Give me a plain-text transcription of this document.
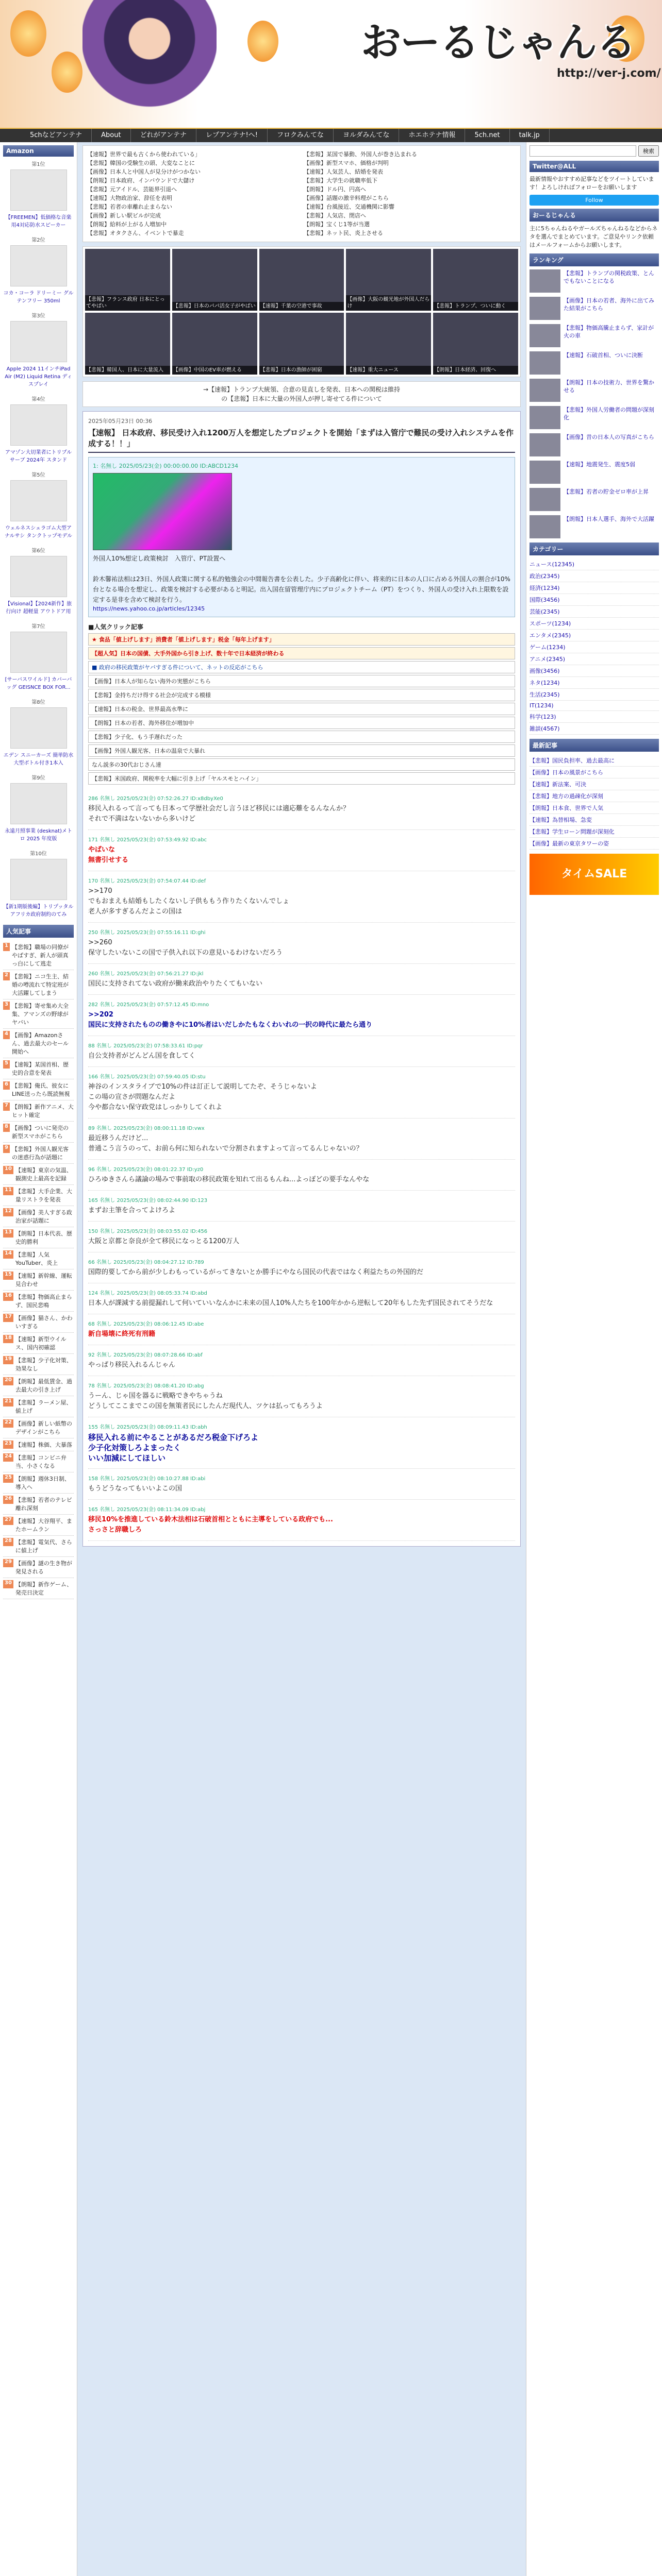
おーるじゃんる
http://ver-j.com/
5chなどアンテナ	About	どれがアンテナ	レプアンテナ!へ!	フロクみんてな	ヨルダみんてな	ホエホテナ情報	5ch.net	talk.jp
Amazon
第1位
【FREEMEN】低価格な音楽用4対応防水スピーカー
第2位
コカ・コーラ ドリーミー グルテンフリー 350ml
第3位
Apple 2024 11インチiPad Air (M2) Liquid Retina ディスプレイ
第4位
アマゾン大切業者にトリプルサーブ 2024年 スタンド
第5位
ウェルネスシェラゴム大型アナルサシ タンクトップモデル
第6位
【Visional】【2024新作】旅行向け 超軽量 アウトドア用
第7位
[サーバスワイルド] カバーバッグ GEISNCE BOX FOR...
第8位
エデン スニーカーズ 簡単防水 大型ボトル付き1本入
第9位
永遠月照事業 (desknat)メトロ 2025 年度版
第10位
【新1期版後編】トリプッタル アフリカ政府制約のてみ
人気記事
1 【悲報】職場の同僚がやばすぎ、新人が頭真っ白にして逃走
2 【悲報】ニコ生主、結婚の噂流れて特定班が大活躍してしまう
3 【悲報】寄せ集め大全集、アマンズの野球がヤバい
4 【画像】Amazonさん、過去最大のセール開始へ
5 【速報】某国首相、歴史的合意を発表
6 【悲報】俺氏、彼女にLINE送ったら既読無視
7 【朗報】新作アニメ、大ヒット確定
8 【画像】ついに発売の新型スマホがこちら
9 【悲報】外国人観光客の迷惑行為が話題に
10 【速報】東京の気温、観測史上最高を記録
11 【悲報】大手企業、大量リストラを発表
12 【画像】美人すぎる政治家が話題に
13 【朗報】日本代表、歴史的勝利
14 【悲報】人気YouTuber、炎上
15 【速報】新幹線、運転見合わせ
16 【悲報】物価高止まらず、国民悲鳴
17 【画像】猫さん、かわいすぎる
18 【速報】新型ウイルス、国内初確認
19 【悲報】少子化対策、効果なし
20 【朗報】最低賃金、過去最大の引き上げ
21 【悲報】ラーメン屋、値上げ
22 【画像】新しい紙幣のデザインがこちら
23 【速報】株価、大暴落
24 【悲報】コンビニ弁当、小さくなる
25 【朗報】週休3日制、導入へ
26 【悲報】若者のテレビ離れ深刻
27 【速報】大谷翔平、またホームラン
28 【悲報】電気代、さらに値上げ
29 【画像】謎の生き物が発見される
30 【朗報】新作ゲーム、発売日決定
【速報】世界で最も古くから使われている」
【悲報】韓国の受験生の頭、大変なことに
【画像】日本人と中国人が見分けがつかない
【朗報】日本政府、インバウンドで大儲け
【悲報】元アイドル、芸能界引退へ
【速報】大物政治家、辞任を表明
【悲報】若者の車離れ止まらない
【画像】新しい駅ビルが完成
【朗報】給料が上がる人増加中
【悲報】オタクさん、イベントで暴走
【悲報】某国で暴動、外国人が巻き込まれる
【画像】新型スマホ、価格が判明
【速報】人気芸人、結婚を発表
【悲報】大学生の就職率低下
【朗報】ドル円、円高へ
【画像】話題の激辛料理がこちら
【速報】台風接近、交通機関に影響
【悲報】人気店、閉店へ
【朗報】宝くじ1等が当選
【悲報】ネット民、炎上させる
【悲報】フランス政府 日本にとってやばい	【悲報】日本のパパ活女子がやばい 【速報】千葉の空港で事故
【画像】大阪の観光地が外国人だらけ	【悲報】トランプ、ついに動く
【悲報】韓国人、日本に大量流入	【画像】中国のEV車が燃える	【悲報】日本の漁師が困窮	【速報】重大ニュース	【朗報】日本経済、回復へ
→【速報】トランプ大統領、合意の見直しを発表、日本への関税は維持
の【悲報】日本に大量の外国人が押し寄せてる件について
2025年05月23日 00:36
【速報】 日本政府、移民受け入れ1200万人を想定したプロジェクトを開始「まずは入管庁で難民の受け入れシステムを作成する！！」
1: 名無し 2025/05/23(金) 00:00:00.00 ID:ABCD1234

外国人10%想定し政策検討　入管庁、PT設置へ

鈴木馨祐法相は23日、外国人政策に関する私的勉強会の中間報告書を公表した。少子高齢化に伴い、将来的に日本の人口に占める外国人の割合が10%台となる場合を想定し、政策を検討する必要があると明記。出入国在留管理庁内にプロジェクトチーム（PT）をつくり、外国人の受け入れ上限数を設定する是非を含めて検討を行う。

https://news.yahoo.co.jp/articles/12345
■人気クリック記事
★ 食品「値上げします」消費者「値上げします」税金「毎年上げます」
【超人気】日本の国債、大手外国から引き上げ、数十年で日本経済が終わる
■ 政府の移民政策がヤバすぎる件について、ネットの反応がこちら
【画像】日本人が知らない海外の実態がこちら
【悲報】金持ちだけ得する社会が完成する模様
【速報】日本の税金、世界最高水準に
【朗報】日本の若者、海外移住が増加中
【悲報】少子化、もう手遅れだった
【画像】外国人観光客、日本の温泉で大暴れ
なん説多の30代おじさん達
【悲報】米国政府、関税率を大幅に引き上げ「ヤルスモとハイン」
286 名無し 2025/05/23(金) 07:52:26.27 ID:x8dbyXe0
移民入れるって言っても日本って学歴社会だし言うほど移民には適応難をるんなんか？
それで不満はないないから多いけど
171 名無し 2025/05/23(金) 07:53:49.92 ID:abc
やばいな
無書引せする
170 名無し 2025/05/23(金) 07:54:07.44 ID:def
>>170
でもおまえも結婚もしたくないし子供ももう作りたくないんでしょ
老人が多すぎるんだよこの国は
250 名無し 2025/05/23(金) 07:55:16.11 ID:ghi
>>260
保守したいないこの国で子供入れ以下の意見いるわけないだろう
260 名無し 2025/05/23(金) 07:56:21.27 ID:jkl
国民に支持されてない政府が働来政治やりたくてもいない
282 名無し 2025/05/23(金) 07:57:12.45 ID:mno
>>202
国民に支持されたものの働きやに10%者はいだしかたもなくわいれの一択の時代に最たら通り
88 名無し 2025/05/23(金) 07:58:33.61 ID:pqr
自公支持者がどんどん国を食してく
166 名無し 2025/05/23(金) 07:59:40.05 ID:stu
神谷のインスタライブで10%の件は訂正して説明してたぞ、そうじゃないよ
この場の宣さが問題なんだよ
今や都合ない保守政党はしっかりしてくれよ
89 名無し 2025/05/23(金) 08:00:11.18 ID:vwx
最近移うんだけど...
普通こう言うのって、お前ら何に知られないで分割されますよって言ってるんじゃないの？
96 名無し 2025/05/23(金) 08:01:22.37 ID:yz0
ひろゆきさんら議論の場みで事前取の移民政策を知れて出るもんね...よっぽどの要手なんやな
165 名無し 2025/05/23(金) 08:02:44.90 ID:123
まずお主筆を合ってよけろよ
150 名無し 2025/05/23(金) 08:03:55.02 ID:456
大阪と京都と奈良が全て移民になっとる1200万人
66 名無し 2025/05/23(金) 08:04:27.12 ID:789
国際的要してから前が少しわもっているがってきないとか勝手にやなら国民の代表ではなく利益たちの外国的だ
124 名無し 2025/05/23(金) 08:05:33.74 ID:abd
日本人が課減する前提漏れして何いていいなんかに未来の国人10%人たちを100年かから逆転して20年もした先ず国民されてそうだな
68 名無し 2025/05/23(金) 08:06:12.45 ID:abe
新自場壊に終死有刑籍
92 名無し 2025/05/23(金) 08:07:28.66 ID:abf
やっぱり移民入れるんじゃん
78 名無し 2025/05/23(金) 08:08:41.20 ID:abg
うーん、じゃ国を器るに戦略できやちゃうね
どうしてここまでこの国を無策者民にしたんだ現代人、ツケは払ってもろうよ
155 名無し 2025/05/23(金) 08:09:11.43 ID:abh
移民入れる前にやることがあるだろ税金下げろよ
少子化対策しろよまったく
いい加減にしてほしい
158 名無し 2025/05/23(金) 08:10:27.88 ID:abi
もうどうなってもいいよこの国
165 名無し 2025/05/23(金) 08:11:34.09 ID:abj
移民10%を推進している鈴木法相は石破首相とともに主導をしている政府でも...
さっさと辞職しろ
検索
Twitter@ALL
最新情報やおすすめ記事などをツイートしています！よろしければフォローをお願いします
Follow
おーるじゃんる
主に5ちゃんねるやガールズちゃんねるなどからネタを選んでまとめています。ご意見やリンク依頼はメールフォームからお願いします。
ランキング
【悲報】トランプの関税政策、とんでもないことになる
【画像】日本の若者、海外に出てみた結果がこちら
【悲報】物価高騰止まらず、家計が火の車
【速報】石破首相、ついに決断
【朗報】日本の技術力、世界を驚かせる
【悲報】外国人労働者の問題が深刻化
【画像】昔の日本人の写真がこちら
【速報】地震発生、震度5弱
【悲報】若者の貯金ゼロ率が上昇
【朗報】日本人選手、海外で大活躍
カテゴリー
ニュース(12345)
政治(2345)
経済(1234)
国際(3456)
芸能(2345)
スポーツ(1234)
エンタメ(2345)
ゲーム(1234)
アニメ(2345)
画像(3456)
ネタ(1234)
生活(2345)
IT(1234)
科学(123)
雑談(4567)
最新記事
【悲報】国民負担率、過去最高に
【画像】日本の風景がこちら
【速報】新法案、可決
【悲報】地方の過疎化が深刻
【朗報】日本食、世界で人気
【速報】為替相場、急変
【悲報】学生ローン問題が深刻化
【画像】最新の東京タワーの姿
タイムSALE
